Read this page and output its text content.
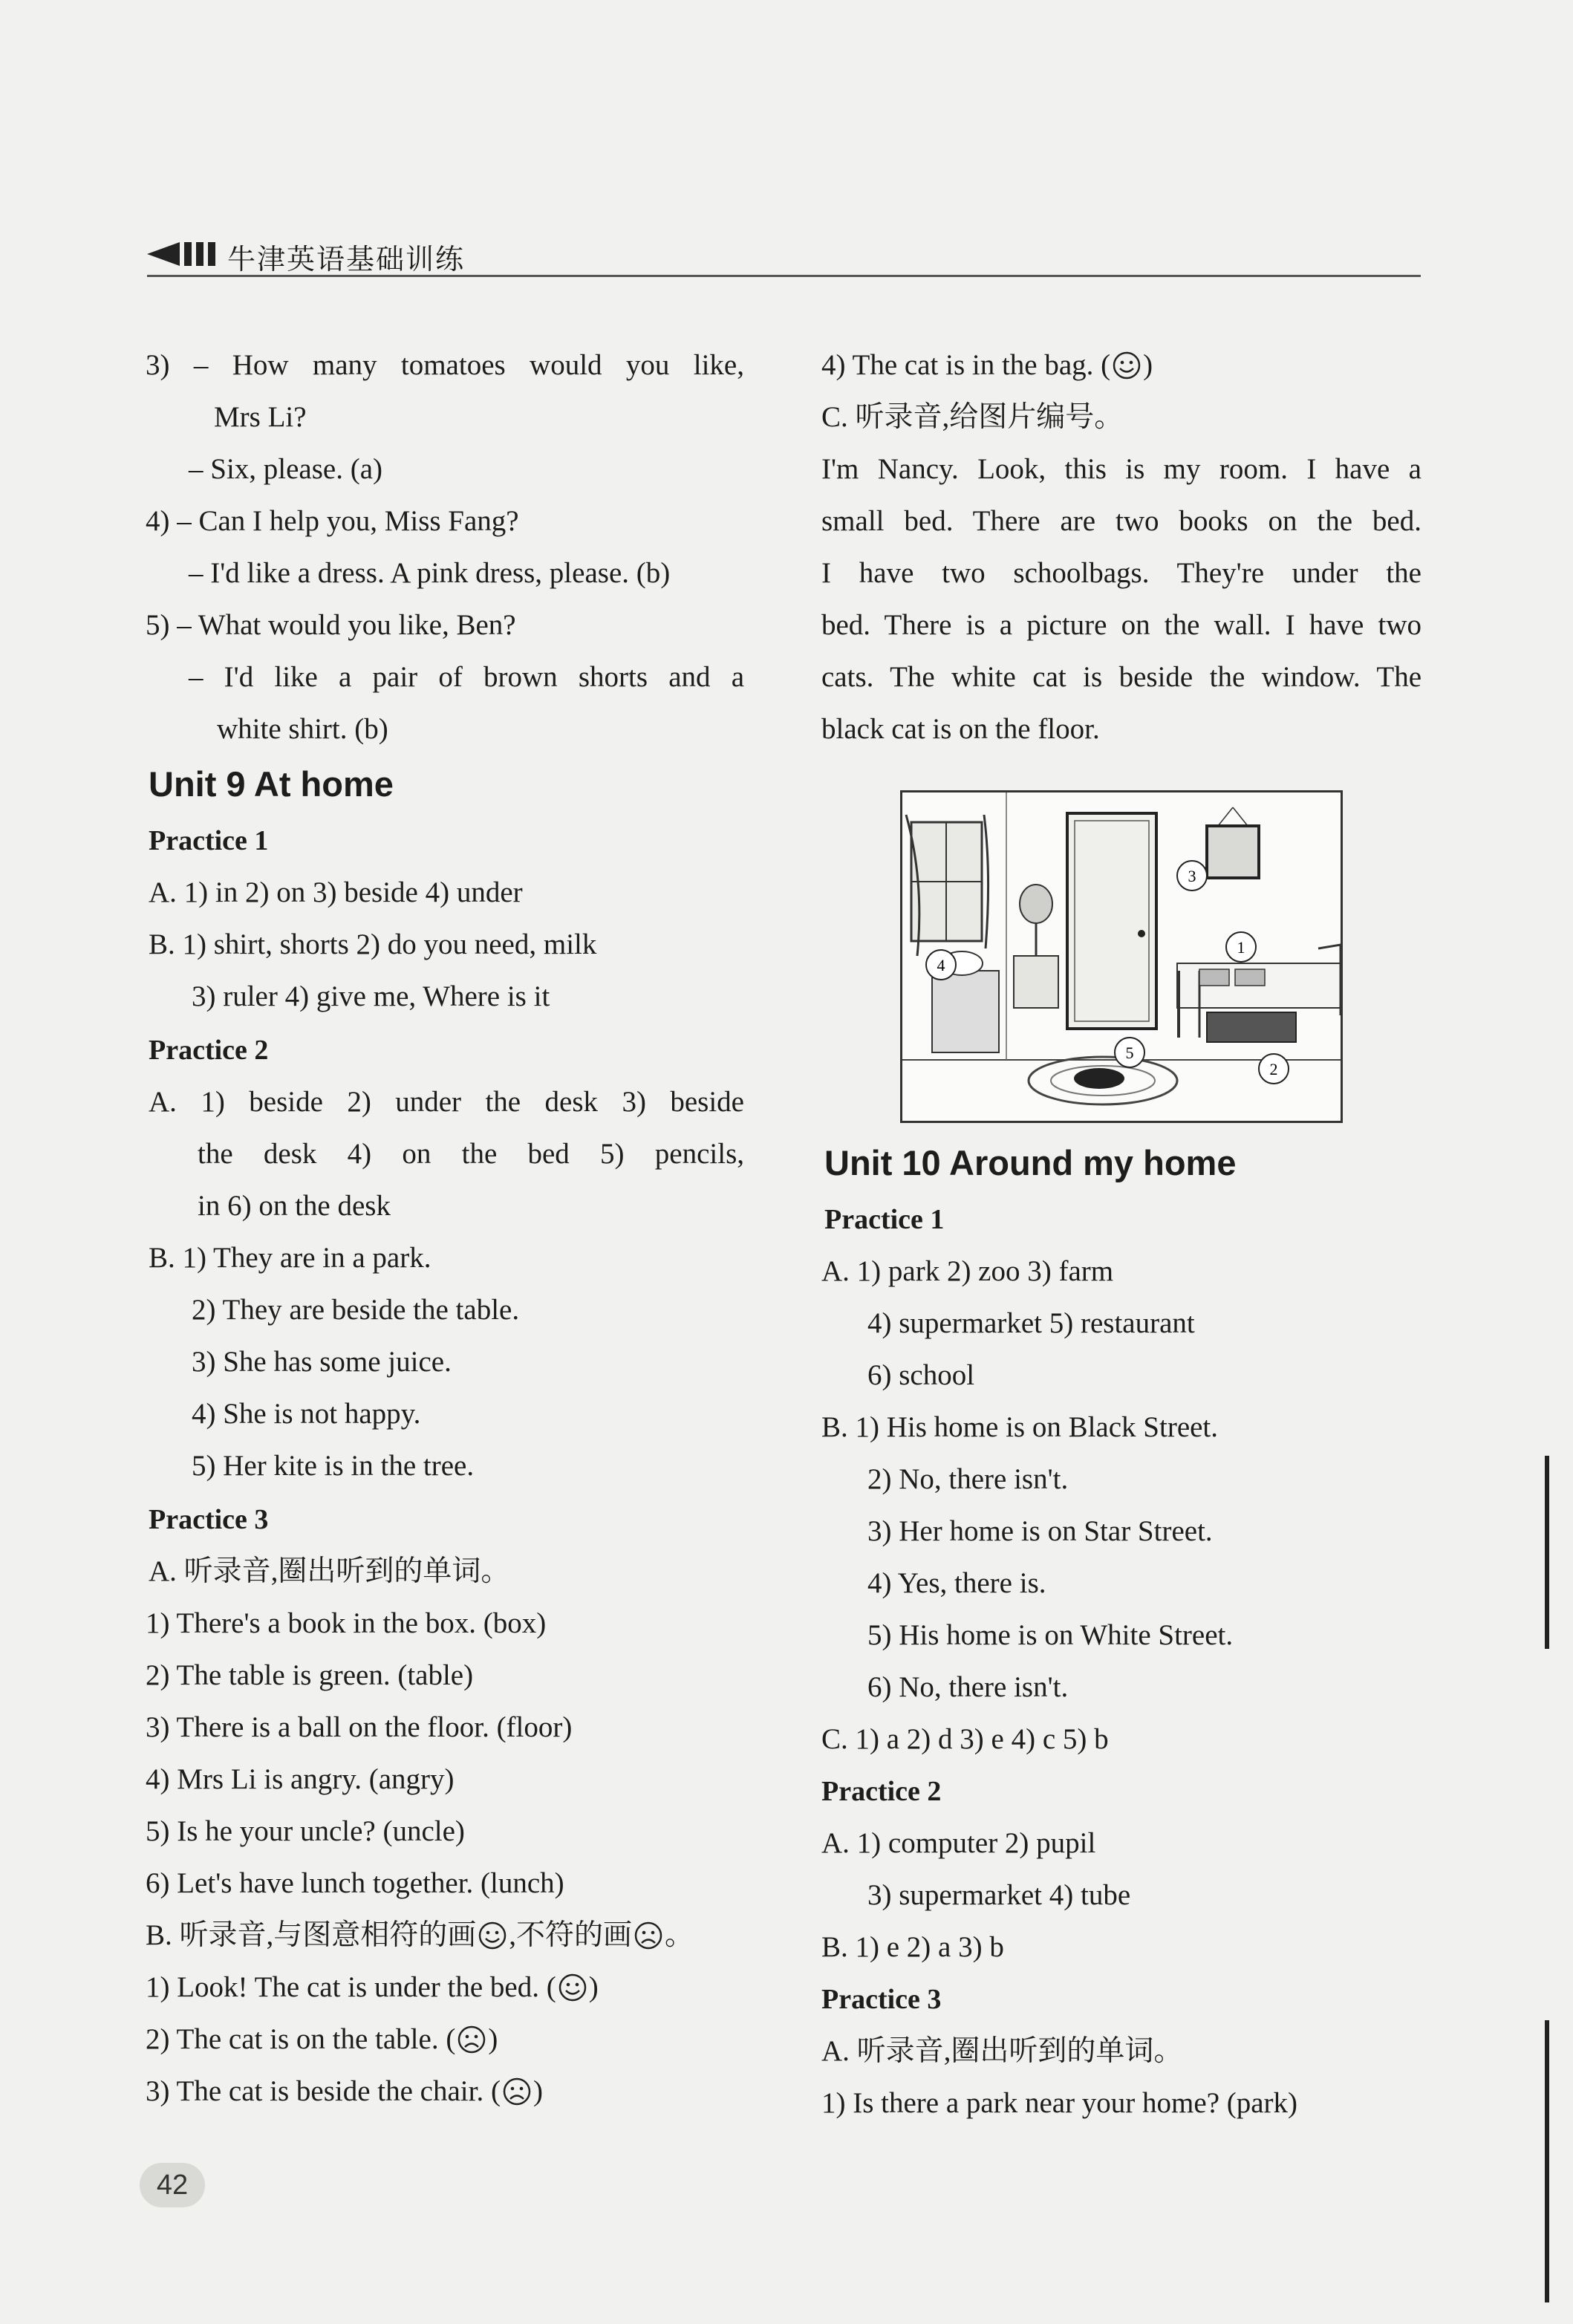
牛津英语基础训练
3) – How many tomatoes would you like,
Mrs Li?
– Six, please. (a)
4) – Can I help you, Miss Fang?
– I'd like a dress. A pink dress, please. (b)
5) – What would you like, Ben?
– I'd like a pair of brown shorts and a
white shirt. (b)
Unit 9 At home
Practice 1
A. 1) in 2) on 3) beside 4) under
B. 1) shirt, shorts 2) do you need, milk
3) ruler 4) give me, Where is it
Practice 2
A. 1) beside 2) under the desk 3) beside
the desk 4) on the bed 5) pencils,
in 6) on the desk
B. 1) They are in a park.
2) They are beside the table.
3) She has some juice.
4) She is not happy.
5) Her kite is in the tree.
Practice 3
A. 听录音,圈出听到的单词。
1) There's a book in the box. (box)
2) The table is green. (table)
3) There is a ball on the floor. (floor)
4) Mrs Li is angry. (angry)
5) Is he your uncle? (uncle)
6) Let's have lunch together. (lunch)
B. 听录音,与图意相符的画 ,不符的画 。
1) Look! The cat is under the bed. ( )
2) The cat is on the table. ( )
3) The cat is beside the chair. ( )
4) The cat is in the bag. ( )
C. 听录音,给图片编号。
I'm Nancy. Look, this is my room. I have a
small bed. There are two books on the bed.
I have two schoolbags. They're under the
bed. There is a picture on the wall. I have two
cats. The white cat is beside the window. The
black cat is on the floor.
Unit 10 Around my home
Practice 1
A. 1) park 2) zoo 3) farm
4) supermarket 5) restaurant
6) school
B. 1) His home is on Black Street.
2) No, there isn't.
3) Her home is on Star Street.
4) Yes, there is.
5) His home is on White Street.
6) No, there isn't.
C. 1) a 2) d 3) e 4) c 5) b
Practice 2
A. 1) computer 2) pupil
3) supermarket 4) tube
B. 1) e 2) a 3) b
Practice 3
A. 听录音,圈出听到的单词。
1) Is there a park near your home? (park)
1
2
3
4
5
42
